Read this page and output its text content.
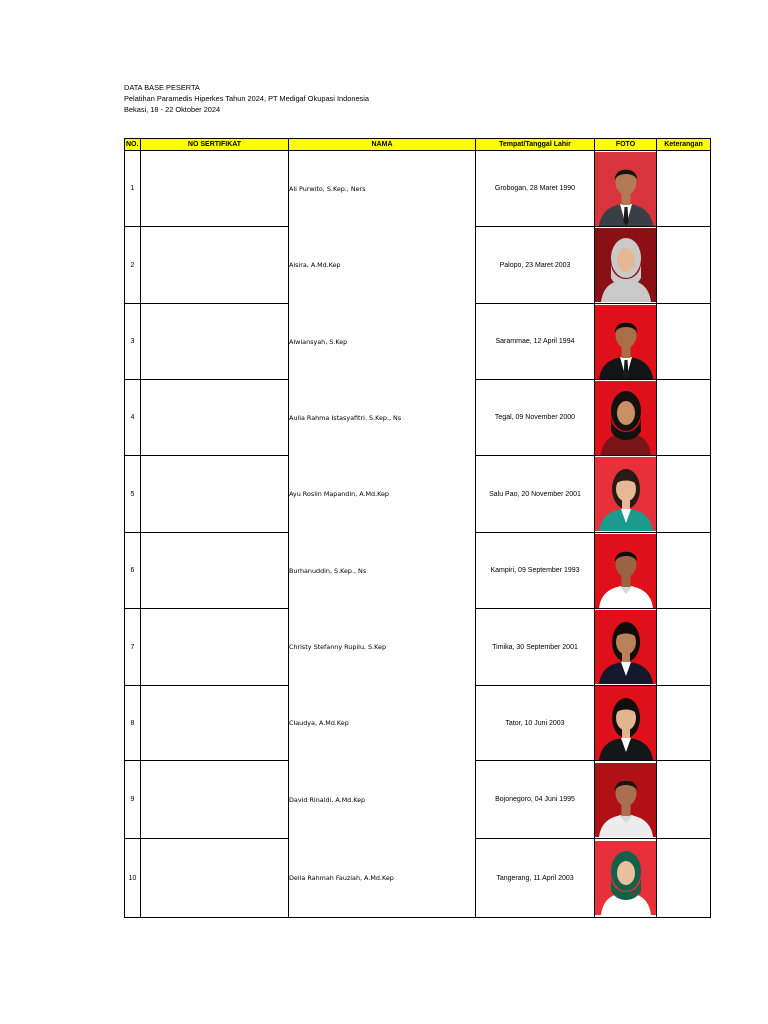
DATA BASE PESERTA
Pelatihan Paramedis Hiperkes Tahun 2024, PT Medigaf Okupasi Indonesia
Bekasi, 18 - 22 Oktober 2024
NO.	NO SERTIFIKAT	NAMA	Tempat/Tanggal Lahir	FOTO	Keterangan
1		Ali Purwito, S.Kep., Ners	Grobogan, 28 Maret 1990	

2		Alsira, A.Md.Kep	Palopo, 23 Maret 2003	

3		Alwiansyah, S.Kep	Sarammae, 12 April 1994	

4		Aulia Rahma Istasyafitri. S.Kep., Ns	Tegal, 09 November 2000	

5		Ayu Roslin Mapandin, A.Md.Kep	Salu Pao, 20 November 2001	

6		Burhanuddin, S.Kep., Ns	Kampiri, 09 September 1993	

7		Christy Stefanny Rupilu, S.Kep	Timika, 30 September 2001	

8		Claudya, A.Md.Kep	Tator, 10 Juni 2003	

9		David Rinaldi, A.Md.Kep	Bojonegoro, 04 Juni 1995	

10		Della Rahmah Fauziah, A.Md.Kep	Tangerang, 11 April 2003	
